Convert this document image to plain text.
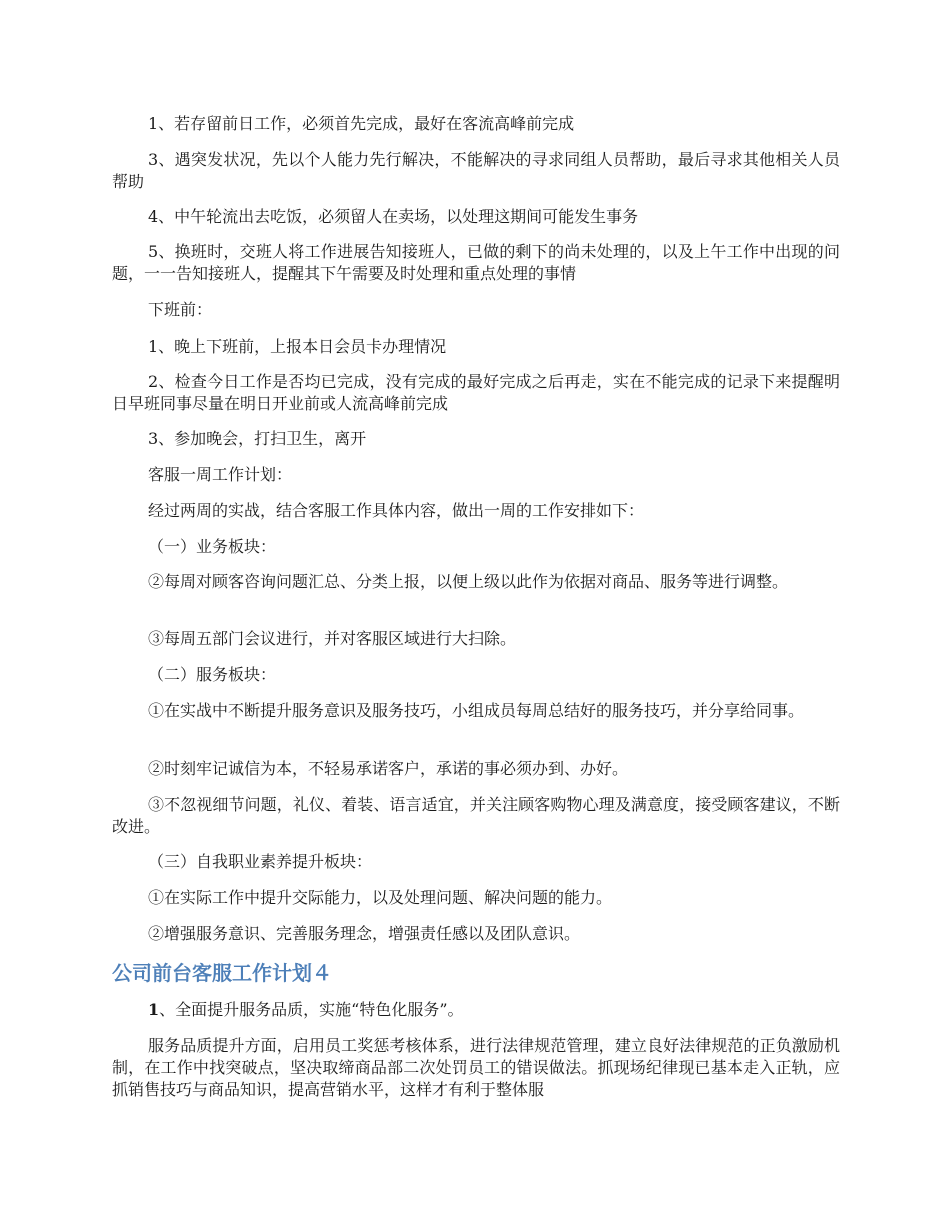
1、若存留前日工作，必须首先完成，最好在客流高峰前完成

3、遇突发状况，先以个人能力先行解决，不能解决的寻求同组人员帮助，最后寻求其他相关人员帮助

4、中午轮流出去吃饭，必须留人在卖场，以处理这期间可能发生事务

5、换班时，交班人将工作进展告知接班人，已做的剩下的尚未处理的，以及上午工作中出现的问题，一一告知接班人，提醒其下午需要及时处理和重点处理的事情

下班前：

1、晚上下班前，上报本日会员卡办理情况

2、检查今日工作是否均已完成，没有完成的最好完成之后再走，实在不能完成的记录下来提醒明日早班同事尽量在明日开业前或人流高峰前完成

3、参加晚会，打扫卫生，离开

客服一周工作计划：

经过两周的实战，结合客服工作具体内容，做出一周的工作安排如下：

（一）业务板块：

②每周对顾客咨询问题汇总、分类上报，以便上级以此作为依据对商品、服务等进行调整。

③每周五部门会议进行，并对客服区域进行大扫除。

（二）服务板块：

①在实战中不断提升服务意识及服务技巧，小组成员每周总结好的服务技巧，并分享给同事。

②时刻牢记诚信为本，不轻易承诺客户，承诺的事必须办到、办好。

③不忽视细节问题，礼仪、着装、语言适宜，并关注顾客购物心理及满意度，接受顾客建议，不断改进。

（三）自我职业素养提升板块：

①在实际工作中提升交际能力，以及处理问题、解决问题的能力。

②增强服务意识、完善服务理念，增强责任感以及团队意识。

公司前台客服工作计划４

1、全面提升服务品质，实施“特色化服务”。

服务品质提升方面，启用员工奖惩考核体系，进行法律规范管理，建立良好法律规范的正负激励机制，在工作中找突破点，坚决取缔商品部二次处罚员工的错误做法。抓现场纪律现已基本走入正轨，应抓销售技巧与商品知识，提高营销水平，这样才有利于整体服
